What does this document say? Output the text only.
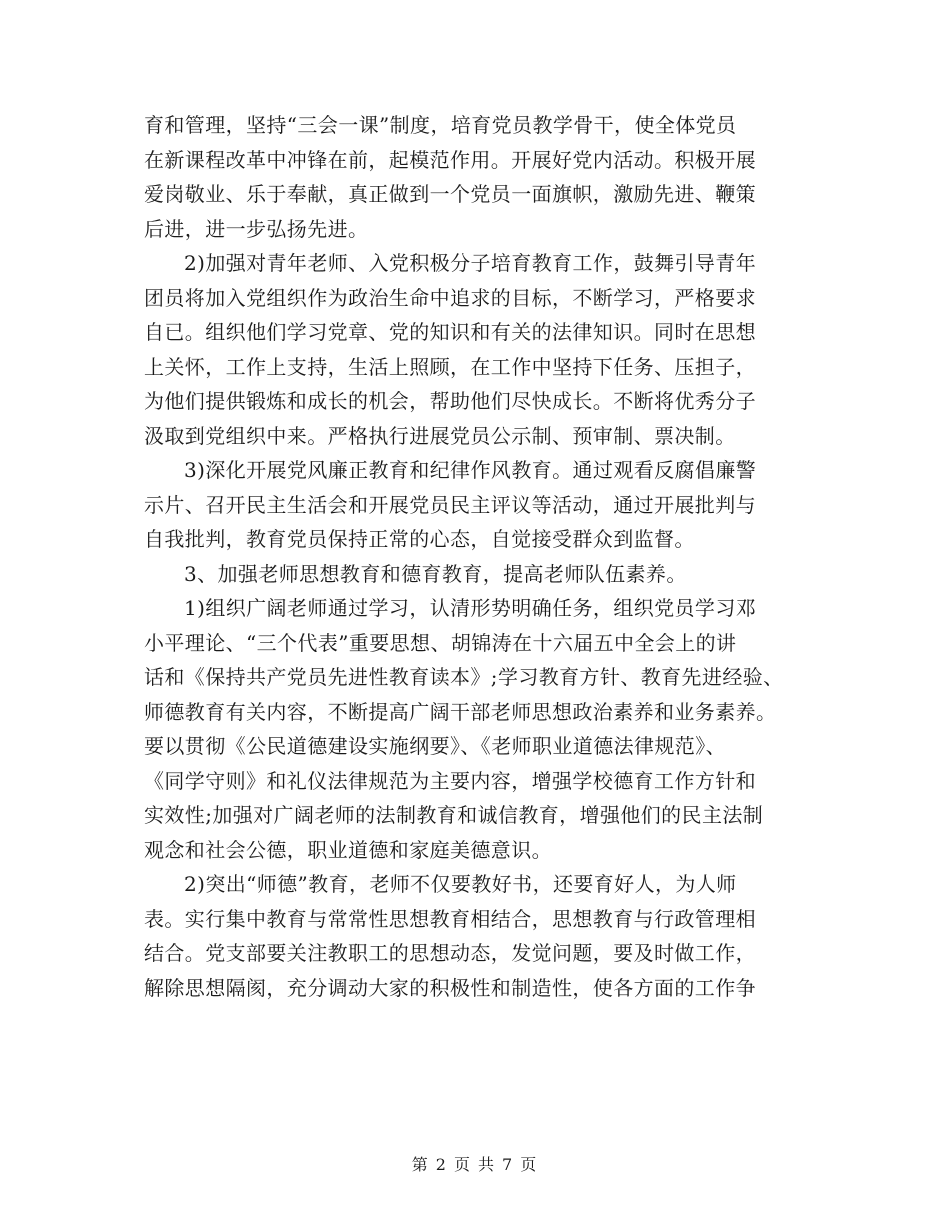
育和管理，坚持“三会一课”制度，培育党员教学骨干，使全体党员
在新课程改革中冲锋在前，起模范作用。开展好党内活动。积极开展
爱岗敬业、乐于奉献，真正做到一个党员一面旗帜，激励先进、鞭策
后进，进一步弘扬先进。
2)加强对青年老师、入党积极分子培育教育工作，鼓舞引导青年
团员将加入党组织作为政治生命中追求的目标，不断学习，严格要求
自已。组织他们学习党章、党的知识和有关的法律知识。同时在思想
上关怀，工作上支持，生活上照顾，在工作中坚持下任务、压担子，
为他们提供锻炼和成长的机会，帮助他们尽快成长。不断将优秀分子
汲取到党组织中来。严格执行进展党员公示制、预审制、票决制。
3)深化开展党风廉正教育和纪律作风教育。通过观看反腐倡廉警
示片、召开民主生活会和开展党员民主评议等活动，通过开展批判与
自我批判，教育党员保持正常的心态，自觉接受群众到监督。
3、加强老师思想教育和德育教育，提高老师队伍素养。
1)组织广阔老师通过学习，认清形势明确任务，组织党员学习邓
小平理论、“三个代表”重要思想、胡锦涛在十六届五中全会上的讲
话和《保持共产党员先进性教育读本》;学习教育方针、教育先进经验、
师德教育有关内容，不断提高广阔干部老师思想政治素养和业务素养。
要以贯彻《公民道德建设实施纲要》、《老师职业道德法律规范》、
《同学守则》和礼仪法律规范为主要内容，增强学校德育工作方针和
实效性;加强对广阔老师的法制教育和诚信教育，增强他们的民主法制
观念和社会公德，职业道德和家庭美德意识。
2)突出“师德”教育，老师不仅要教好书，还要育好人，为人师
表。实行集中教育与常常性思想教育相结合，思想教育与行政管理相
结合。党支部要关注教职工的思想动态，发觉问题，要及时做工作，
解除思想隔阂，充分调动大家的积极性和制造性，使各方面的工作争
第 2 页 共 7 页
